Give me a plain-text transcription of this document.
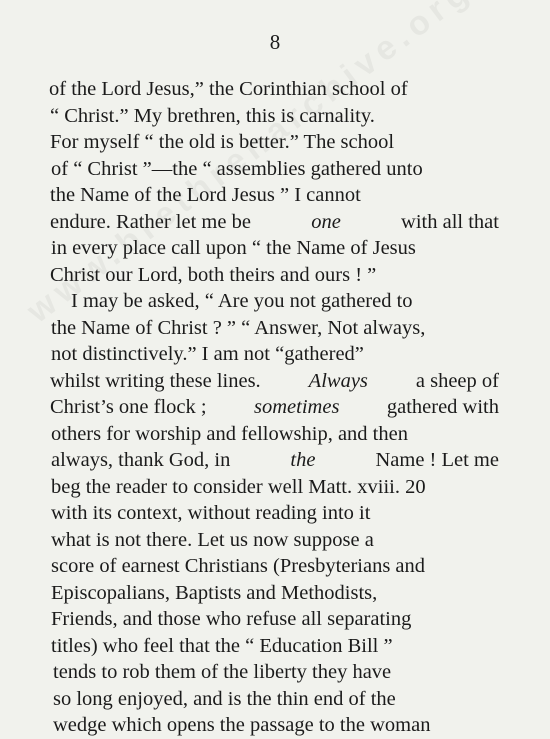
8
of the Lord Jesus,” the Corinthian school of
“ Christ.” My brethren, this is carnality.
For myself “ the old is better.” The school
of “ Christ ”—the “ assemblies gathered unto
the Name of the Lord Jesus ” I cannot
endure. Rather let me be	one	with all that
in every place call upon “ the Name of Jesus
Christ our Lord, both theirs and ours ! ”
I may be asked, “ Are you not gathered to
the Name of Christ ? ” “ Answer, Not always,
not distinctively.” I am not “gathered”
whilst writing these lines. Always a sheep of
Christ’s one flock ; sometimes gathered with
others for worship and fellowship, and then
always, thank God, in	the	Name ! Let me
beg the reader to consider well Matt. xviii. 20
with its context, without reading into it
what is not there. Let us now suppose a
score of earnest Christians (Presbyterians and
Episcopalians, Baptists and Methodists,
Friends, and those who refuse all separating
titles) who feel that the “ Education Bill ”
tends to rob them of the liberty they have
so long enjoyed, and is the thin end of the
wedge which opens the passage to the woman
